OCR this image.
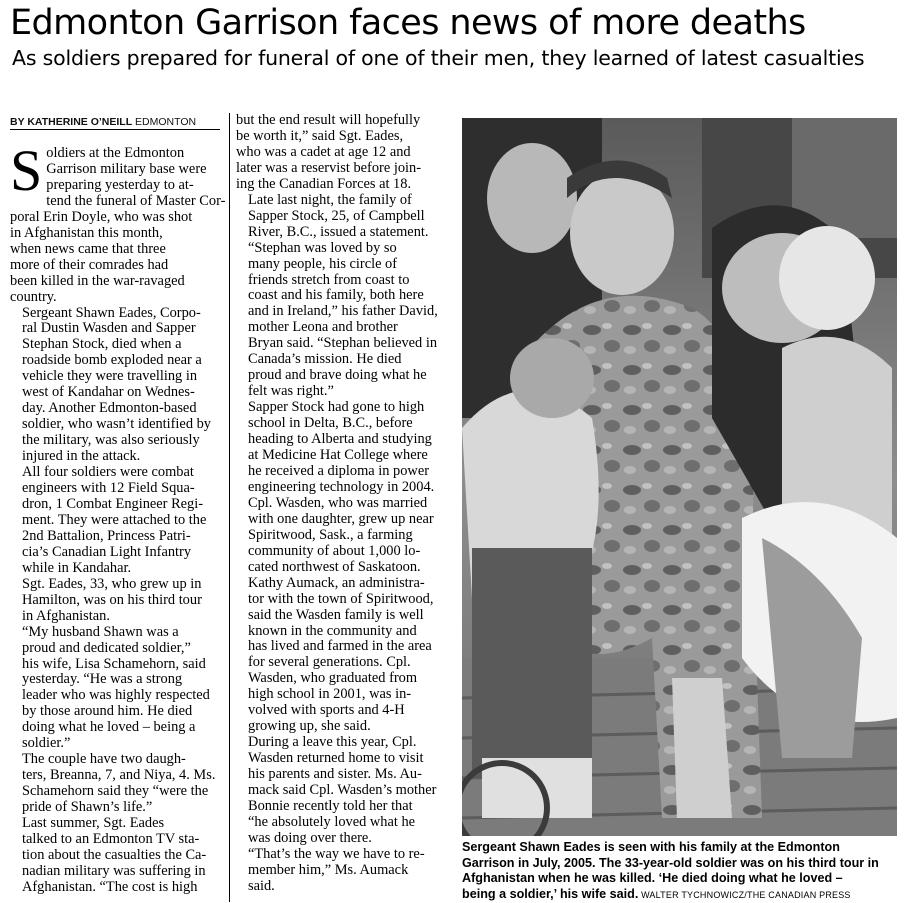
Edmonton Garrison faces news of more deaths
As soldiers prepared for funeral of one of their men, they learned of latest casualties
BY KATHERINE O’NEILL EDMONTON
S oldiers at the Edmonton
Garrison military base were
preparing yesterday to at-
tend the funeral of Master Cor-
poral Erin Doyle, who was shot
in Afghanistan this month,
when news came that three
more of their comrades had
been killed in the war-ravaged
country.

Sergeant Shawn Eades, Corpo-
ral Dustin Wasden and Sapper
Stephan Stock, died when a
roadside bomb exploded near a
vehicle they were travelling in
west of Kandahar on Wednes-
day. Another Edmonton-based
soldier, who wasn’t identified by
the military, was also seriously
injured in the attack.

All four soldiers were combat
engineers with 12 Field Squa-
dron, 1 Combat Engineer Regi-
ment. They were attached to the
2nd Battalion, Princess Patri-
cia’s Canadian Light Infantry
while in Kandahar.

Sgt. Eades, 33, who grew up in
Hamilton, was on his third tour
in Afghanistan.

“My husband Shawn was a
proud and dedicated soldier,”
his wife, Lisa Schamehorn, said
yesterday. “He was a strong
leader who was highly respected
by those around him. He died
doing what he loved – being a
soldier.”

The couple have two daugh-
ters, Breanna, 7, and Niya, 4. Ms.
Schamehorn said they “were the
pride of Shawn’s life.”

Last summer, Sgt. Eades
talked to an Edmonton TV sta-
tion about the casualties the Ca-
nadian military was suffering in
Afghanistan. “The cost is high

but the end result will hopefully
be worth it,” said Sgt. Eades,
who was a cadet at age 12 and
later was a reservist before join-
ing the Canadian Forces at 18.

Late last night, the family of
Sapper Stock, 25, of Campbell
River, B.C., issued a statement.

“Stephan was loved by so
many people, his circle of
friends stretch from coast to
coast and his family, both here
and in Ireland,” his father David,
mother Leona and brother
Bryan said. “Stephan believed in
Canada’s mission. He died
proud and brave doing what he
felt was right.”

Sapper Stock had gone to high
school in Delta, B.C., before
heading to Alberta and studying
at Medicine Hat College where
he received a diploma in power
engineering technology in 2004.

Cpl. Wasden, who was married
with one daughter, grew up near
Spiritwood, Sask., a farming
community of about 1,000 lo-
cated northwest of Saskatoon.

Kathy Aumack, an administra-
tor with the town of Spiritwood,
said the Wasden family is well
known in the community and
has lived and farmed in the area
for several generations. Cpl.
Wasden, who graduated from
high school in 2001, was in-
volved with sports and 4-H
growing up, she said.

During a leave this year, Cpl.
Wasden returned home to visit
his parents and sister. Ms. Au-
mack said Cpl. Wasden’s mother
Bonnie recently told her that
“he absolutely loved what he
was doing over there.

“That’s the way we have to re-
member him,” Ms. Aumack
said.

Sergeant Shawn Eades is seen with his family at the Edmonton
Garrison in July, 2005. The 33-year-old soldier was on his third tour in
Afghanistan when he was killed. ‘He died doing what he loved –
being a soldier,’ his wife said. WALTER TYCHNOWICZ/THE CANADIAN PRESS
